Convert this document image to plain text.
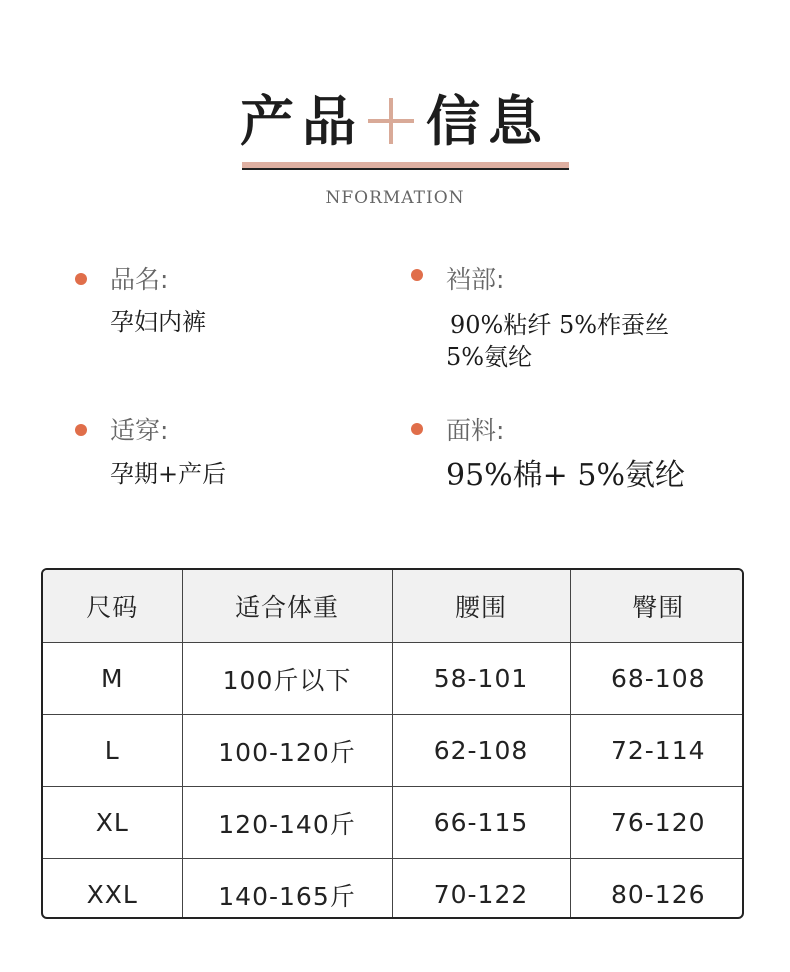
产品 信息
NFORMATION
品名:
孕妇内裤
裆部:
90%粘纤 5%柞蚕丝
5%氨纶
适穿:
孕期+产后
面料:
95%棉+ 5%氨纶
尺码	适合体重	腰围	臀围
M	100斤以下	58-101	68-108
L	100-120斤	62-108	72-114
XL	120-140斤	66-115	76-120
XXL	140-165斤	70-122	80-126
